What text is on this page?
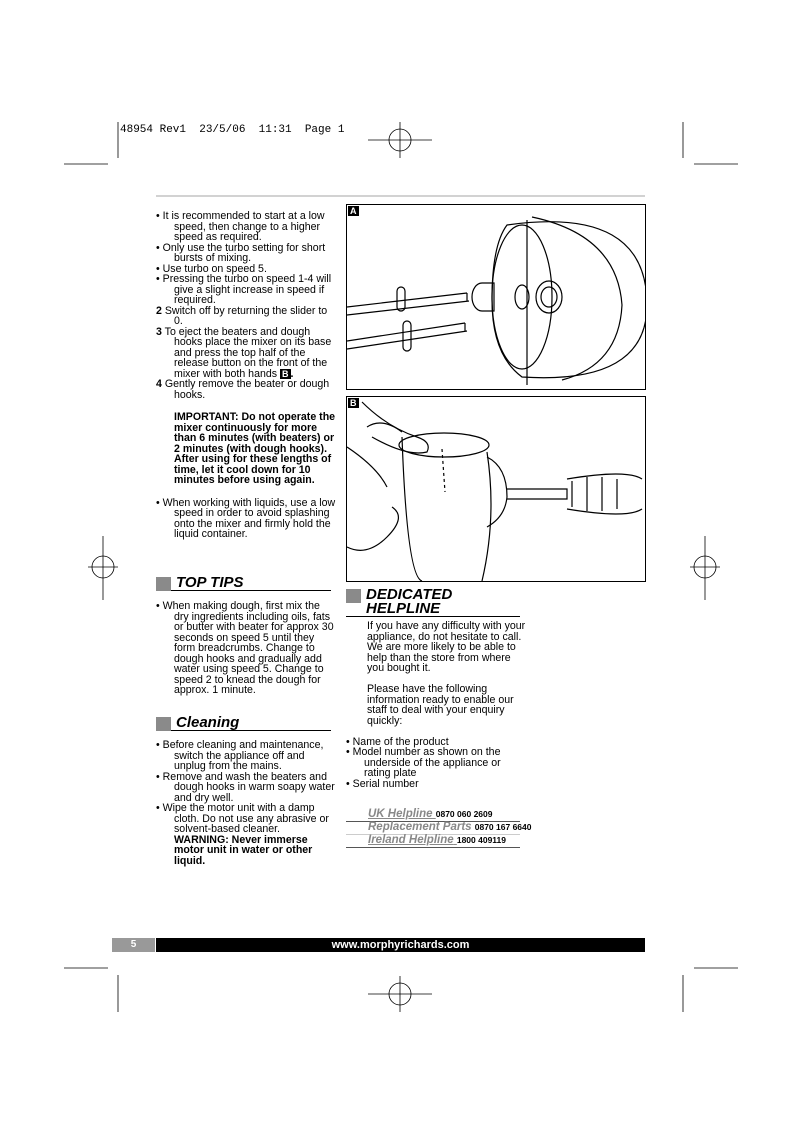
48954 Rev1  23/5/06  11:31  Page 1

• It is recommended to start at a low speed, then change to a higher speed as required.

• Only use the turbo setting for short bursts of mixing.

• Use turbo on speed 5.

• Pressing the turbo on speed 1-4 will give a slight increase in speed if required.

2 Switch off by returning the slider to 0.

3 To eject the beaters and dough hooks place the mixer on its base and press the top half of the release button on the front of the mixer with both hands B .

4 Gently remove the beater or dough hooks.

IMPORTANT: Do not operate the mixer continuously for more than 6 minutes (with beaters) or 2 minutes (with dough hooks). After using for these lengths of time, let it cool down for 10 minutes before using again.

• When working with liquids, use a low speed in order to avoid splashing onto the mixer and firmly hold the liquid container.

TOP TIPS

• When making dough, first mix the dry ingredients including oils, fats or butter with beater for approx 30 seconds on speed 5 until they form breadcrumbs. Change to dough hooks and gradually add water using speed 5. Change to speed 2 to knead the dough for approx. 1 minute.

Cleaning

• Before cleaning and maintenance, switch the appliance off and unplug from the mains.

• Remove and wash the beaters and dough hooks in warm soapy water and dry well.

• Wipe the motor unit with a damp cloth. Do not use any abrasive or solvent-based cleaner.

WARNING: Never immerse motor unit in water or other liquid.

A
B
DEDICATED
HELPLINE

If you have any difficulty with your appliance, do not hesitate to call. We are more likely to be able to help than the store from where you bought it.

Please have the following information ready to enable our staff to deal with your enquiry quickly:

• Name of the product

• Model number as shown on the underside of the appliance or rating plate

• Serial number

UK Helpline 0870 060 2609
Replacement Parts 0870 167 6640
Ireland Helpline 1800 409119
5	www.morphyrichards.com
